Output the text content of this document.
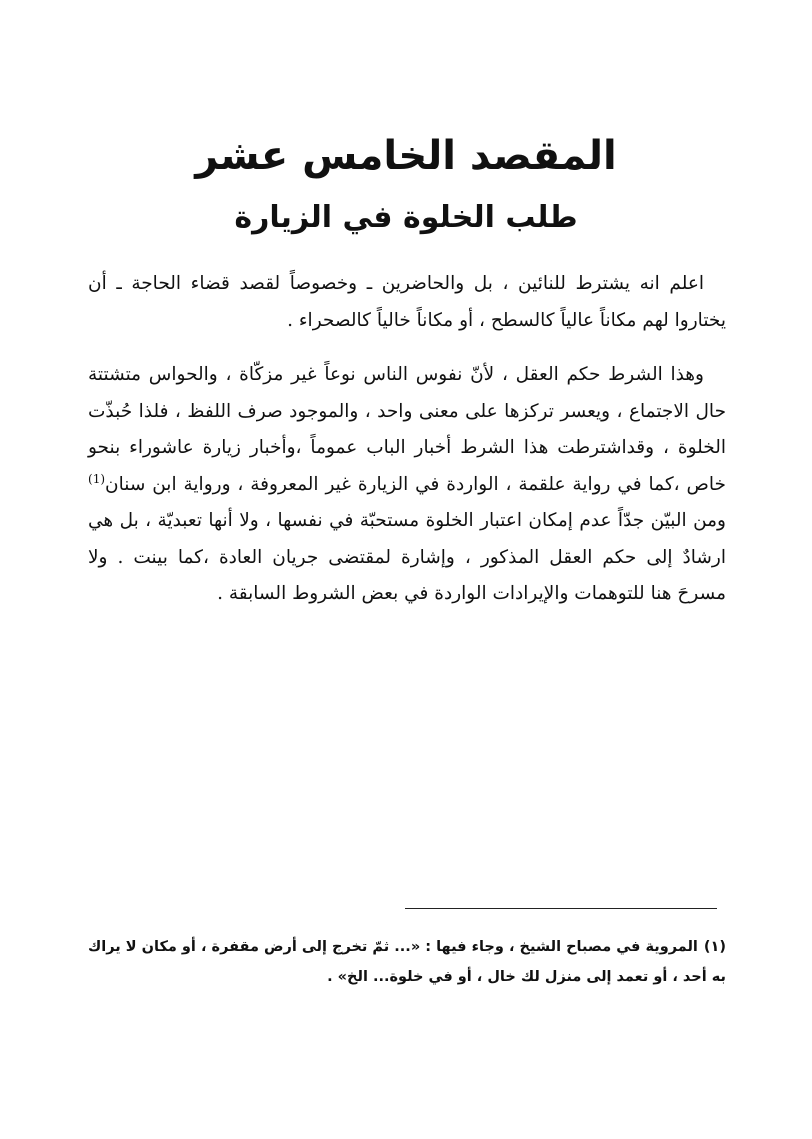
المقصد الخامس عشر
طلب الخلوة في الزيارة

اعلم انه يشترط للنائين ، بل والحاضرين ـ وخصوصاً لقصد قضاء الحاجة ـ أن يختاروا لهم مكاناً عالياً كالسطح ، أو مكاناً خالياً كالصحراء .

وهذا الشرط حكم العقل ، لأنّ نفوس الناس نوعاً غير مزكّاة ، والحواس متشتتة حال الاجتماع ، ويعسر تركزها على معنى واحد ، والموجود صرف اللفظ ، فلذا حُبذّت الخلوة ، وقداشترطت هذا الشرط أخبار الباب عموماً ،وأخبار زيارة عاشوراء بنحو خاص ،كما في رواية علقمة ، الواردة في الزيارة غير المعروفة ، ورواية ابن سنان$^{(1)}$ ومن البيّن جدّاً عدم إمكان اعتبار الخلوة مستحبّة في نفسها ، ولا أنها تعبديّة ، بل هي ارشادٌ إلى حكم العقل المذكور ، وإشارة لمقتضى جريان العادة ،كما بينت . ولا مسرحَ هنا للتوهمات والإيرادات الواردة في بعض الشروط السابقة .

(١)المروية في مصباح الشيخ ، وجاء فيها : «... ثمّ تخرج إلى أرض مقفرة ، أو مكان لا يراك به أحد ، أو تعمد إلى منزل لك خال ، أو في خلوة... الخ» .
